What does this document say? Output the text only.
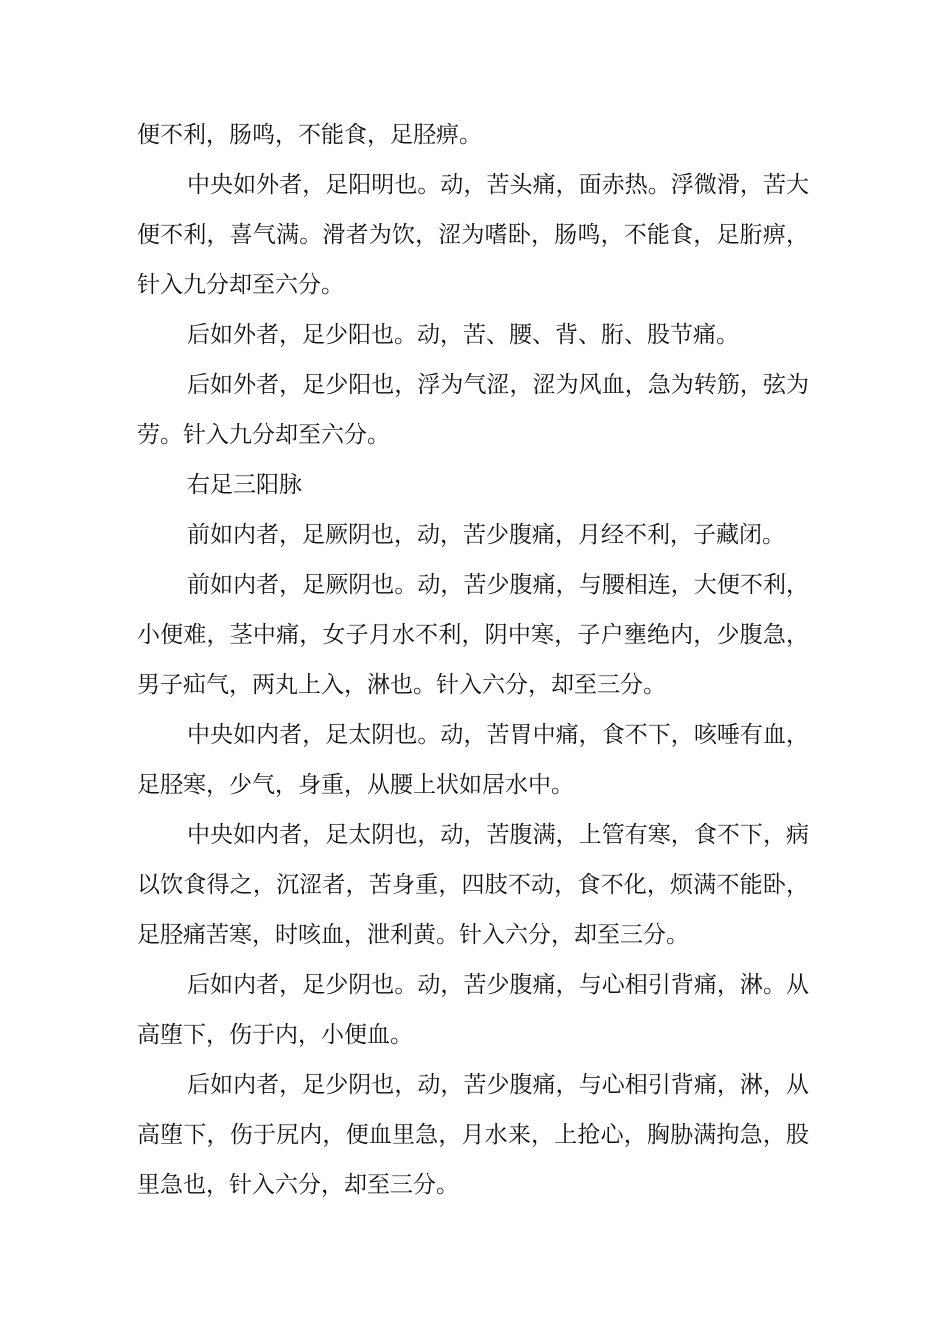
便不利，肠鸣，不能食，足胫痹。

中央如外者，足阳明也。动，苦头痛，面赤热。浮微滑，苦大便不利，喜气满。滑者为饮，涩为嗜卧，肠鸣，不能食，足胻痹，针入九分却至六分。

后如外者，足少阳也。动，苦、腰、背、胻、股节痛。

后如外者，足少阳也，浮为气涩，涩为风血，急为转筋，弦为劳。针入九分却至六分。

右足三阳脉

前如内者，足厥阴也，动，苦少腹痛，月经不利，子藏闭。

前如内者，足厥阴也。动，苦少腹痛，与腰相连，大便不利，小便难，茎中痛，女子月水不利，阴中寒，子户壅绝内，少腹急，男子疝气，两丸上入，淋也。针入六分，却至三分。

中央如内者，足太阴也。动，苦胃中痛，食不下，咳唾有血，足胫寒，少气，身重，从腰上状如居水中。

中央如内者，足太阴也，动，苦腹满，上管有寒，食不下，病以饮食得之，沉涩者，苦身重，四肢不动，食不化，烦满不能卧，足胫痛苦寒，时咳血，泄利黄。针入六分，却至三分。

后如内者，足少阴也。动，苦少腹痛，与心相引背痛，淋。从高堕下，伤于内，小便血。

后如内者，足少阴也，动，苦少腹痛，与心相引背痛，淋，从高堕下，伤于尻内，便血里急，月水来，上抢心，胸胁满拘急，股里急也，针入六分，却至三分。
